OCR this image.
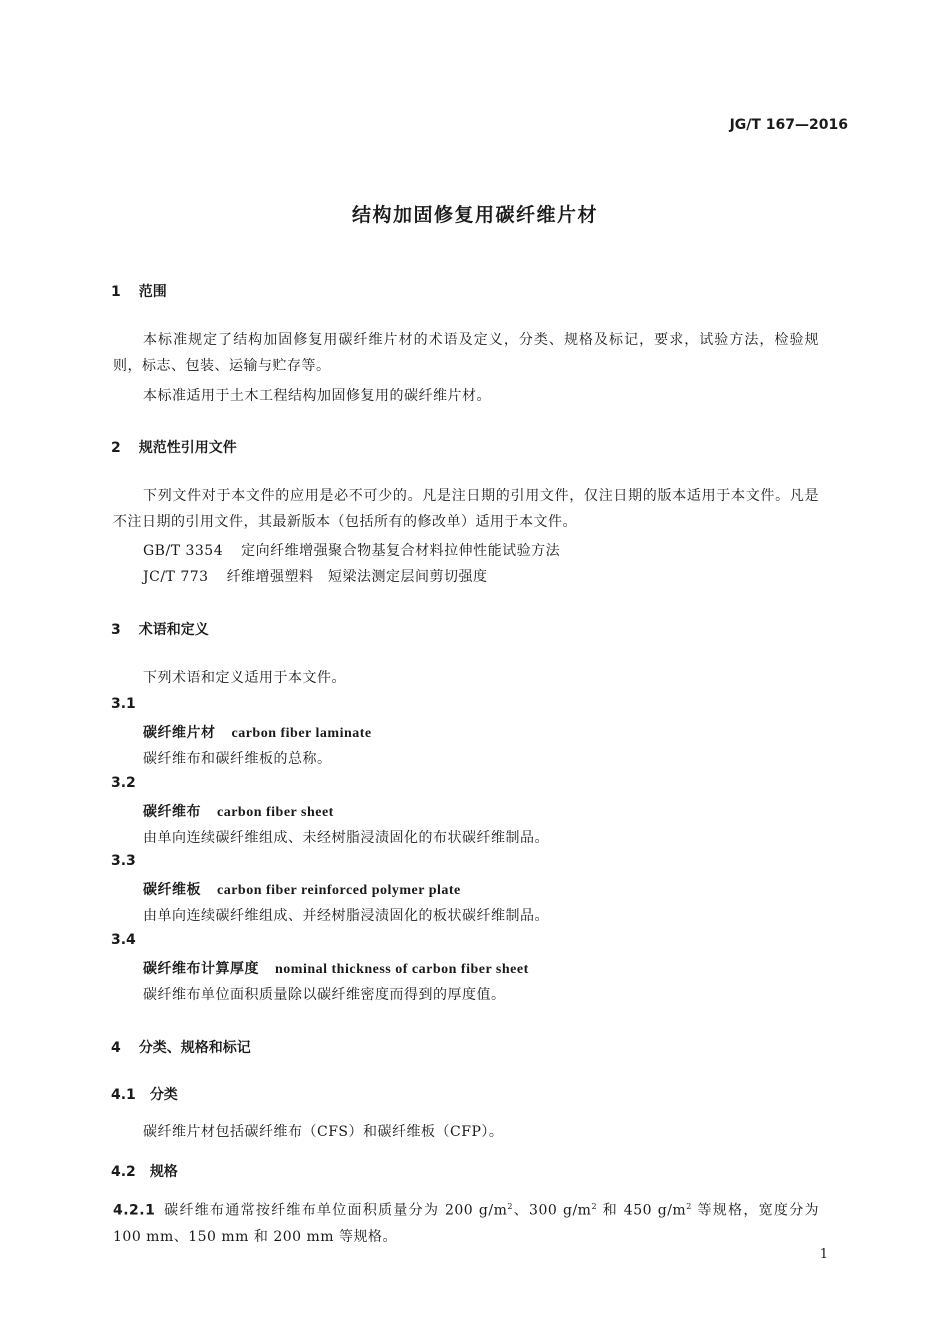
JG/T 167—2016
结构加固修复用碳纤维片材
1 范围
本标准规定了结构加固修复用碳纤维片材的术语及定义，分类、规格及标记，要求，试验方法，检验规则，标志、包装、运输与贮存等。
本标准适用于土木工程结构加固修复用的碳纤维片材。
2 规范性引用文件
下列文件对于本文件的应用是必不可少的。凡是注日期的引用文件，仅注日期的版本适用于本文件。凡是不注日期的引用文件，其最新版本（包括所有的修改单）适用于本文件。
GB/T 3354 定向纤维增强聚合物基复合材料拉伸性能试验方法
JC/T 773 纤维增强塑料　短梁法测定层间剪切强度
3 术语和定义
下列术语和定义适用于本文件。
3.1
碳纤维片材 carbon fiber laminate
碳纤维布和碳纤维板的总称。
3.2
碳纤维布 carbon fiber sheet
由单向连续碳纤维组成、未经树脂浸渍固化的布状碳纤维制品。
3.3
碳纤维板 carbon fiber reinforced polymer plate
由单向连续碳纤维组成、并经树脂浸渍固化的板状碳纤维制品。
3.4
碳纤维布计算厚度 nominal thickness of carbon fiber sheet
碳纤维布单位面积质量除以碳纤维密度而得到的厚度值。
4 分类、规格和标记
4.1 分类
碳纤维片材包括碳纤维布（CFS）和碳纤维板（CFP）。
4.2 规格
4.2.1 碳纤维布通常按纤维布单位面积质量分为 200 $g/m^2$、300 $g/m^2$ 和 450 $g/m^2$ 等规格，宽度分为 100 mm、150 mm 和 200 mm 等规格。
1
